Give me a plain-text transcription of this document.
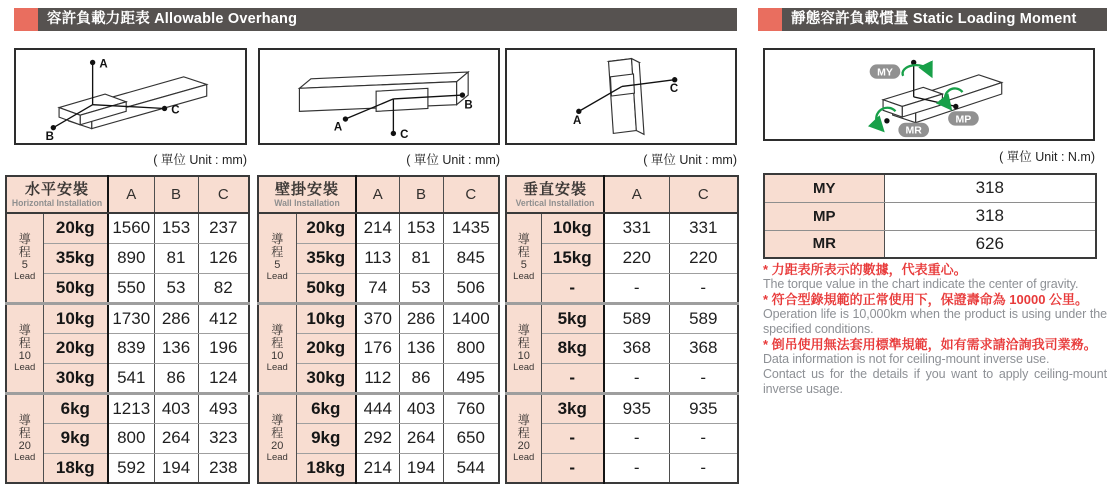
容許負載力距表 Allowable Overhang	靜態容許負載慣量 Static Loading Moment
A
C
B
A
C
B
A
C
MY
MP
MR
( 單位 Unit : mm)	( 單位 Unit : mm)	( 單位 Unit : mm)	( 單位 Unit : N.m)
水平安裝
Horizontal Installation		A	B	C

導
程
5
Lead	20kg	1560	153	237
	35kg	890	81	126
	50kg	550	53	82

導
程
10
Lead	10kg	1730	286	412
	20kg	839	136	196
	30kg	541	86	124

導
程
20
Lead	6kg	1213	403	493
	9kg	800	264	323
	18kg	592	194	238
壁掛安裝
Wall Installation		A	B	C

導
程
5
Lead	20kg	214	153	1435
	35kg	113	81	845
	50kg	74	53	506

導
程
10
Lead	10kg	370	286	1400
	20kg	176	136	800
	30kg	112	86	495

導
程
20
Lead	6kg	444	403	760
	9kg	292	264	650
	18kg	214	194	544
垂直安裝
Vertical Installation		A	C

導
程
5
Lead	10kg	331	331
	15kg	220	220
	-	-	-

導
程
10
Lead	5kg	589	589
	8kg	368	368
	-	-	-

導
程
20
Lead	3kg	935	935
	-	-	-
	-	-	-
MY	318
MP	318
MR	626
* 力距表所表示的數據，代表重心。
The torque value in the chart indicate the center of gravity.
* 符合型錄規範的正常使用下，保證壽命為 10000 公里。
Operation life is 10,000km when the product is using under the specified conditions.
* 倒吊使用無法套用標準規範，如有需求請洽詢我司業務。
Data information is not for ceiling-mount inverse use.
Contact us for the details if you want to apply ceiling-mount inverse usage.
